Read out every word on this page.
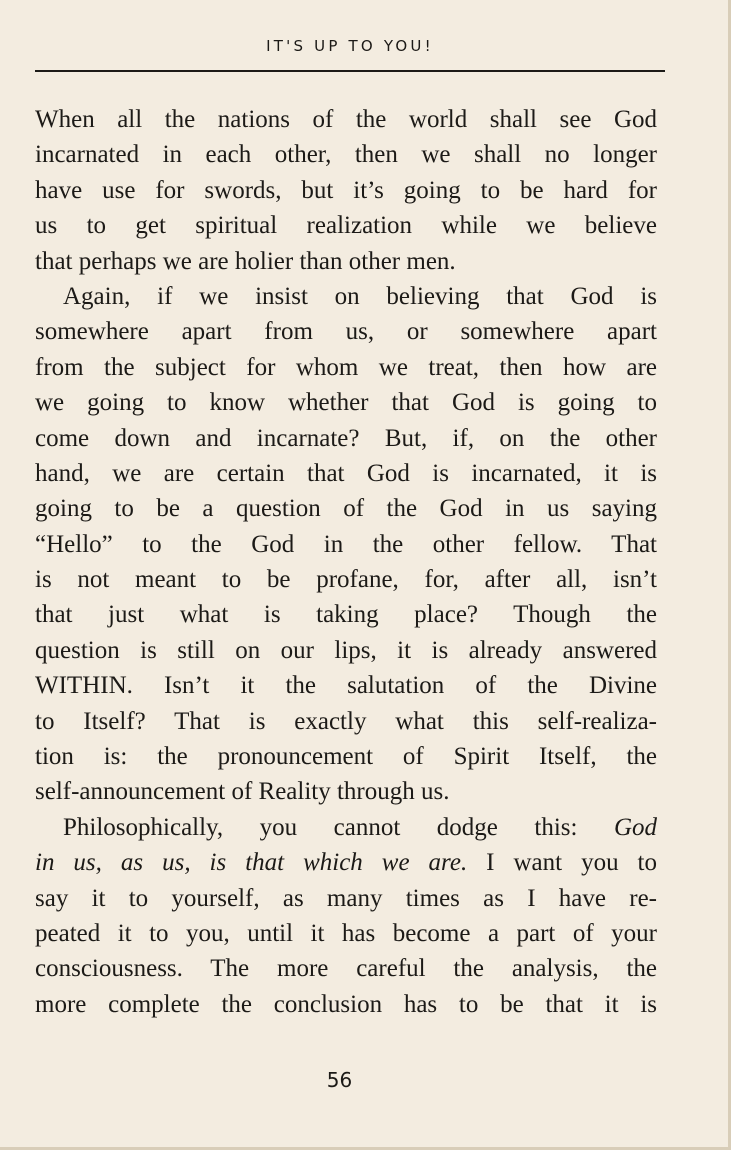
IT'S UP TO YOU!
When all the nations of the world shall see God
incarnated in each other, then we shall no longer
have use for swords, but it’s going to be hard for
us to get spiritual realization while we believe
that perhaps we are holier than other men.
Again, if we insist on believing that God is
somewhere apart from us, or somewhere apart
from the subject for whom we treat, then how are
we going to know whether that God is going to
come down and incarnate? But, if, on the other
hand, we are certain that God is incarnated, it is
going to be a question of the God in us saying
“Hello” to the God in the other fellow. That
is not meant to be profane, for, after all, isn’t
that just what is taking place? Though the
question is still on our lips, it is already answered
WITHIN. Isn’t it the salutation of the Divine
to Itself? That is exactly what this self-realiza-
tion is: the pronouncement of Spirit Itself, the
self-announcement of Reality through us.
Philosophically, you cannot dodge this: God
in us, as us, is that which we are. I want you to
say it to yourself, as many times as I have re-
peated it to you, until it has become a part of your
consciousness. The more careful the analysis, the
more complete the conclusion has to be that it is
56
